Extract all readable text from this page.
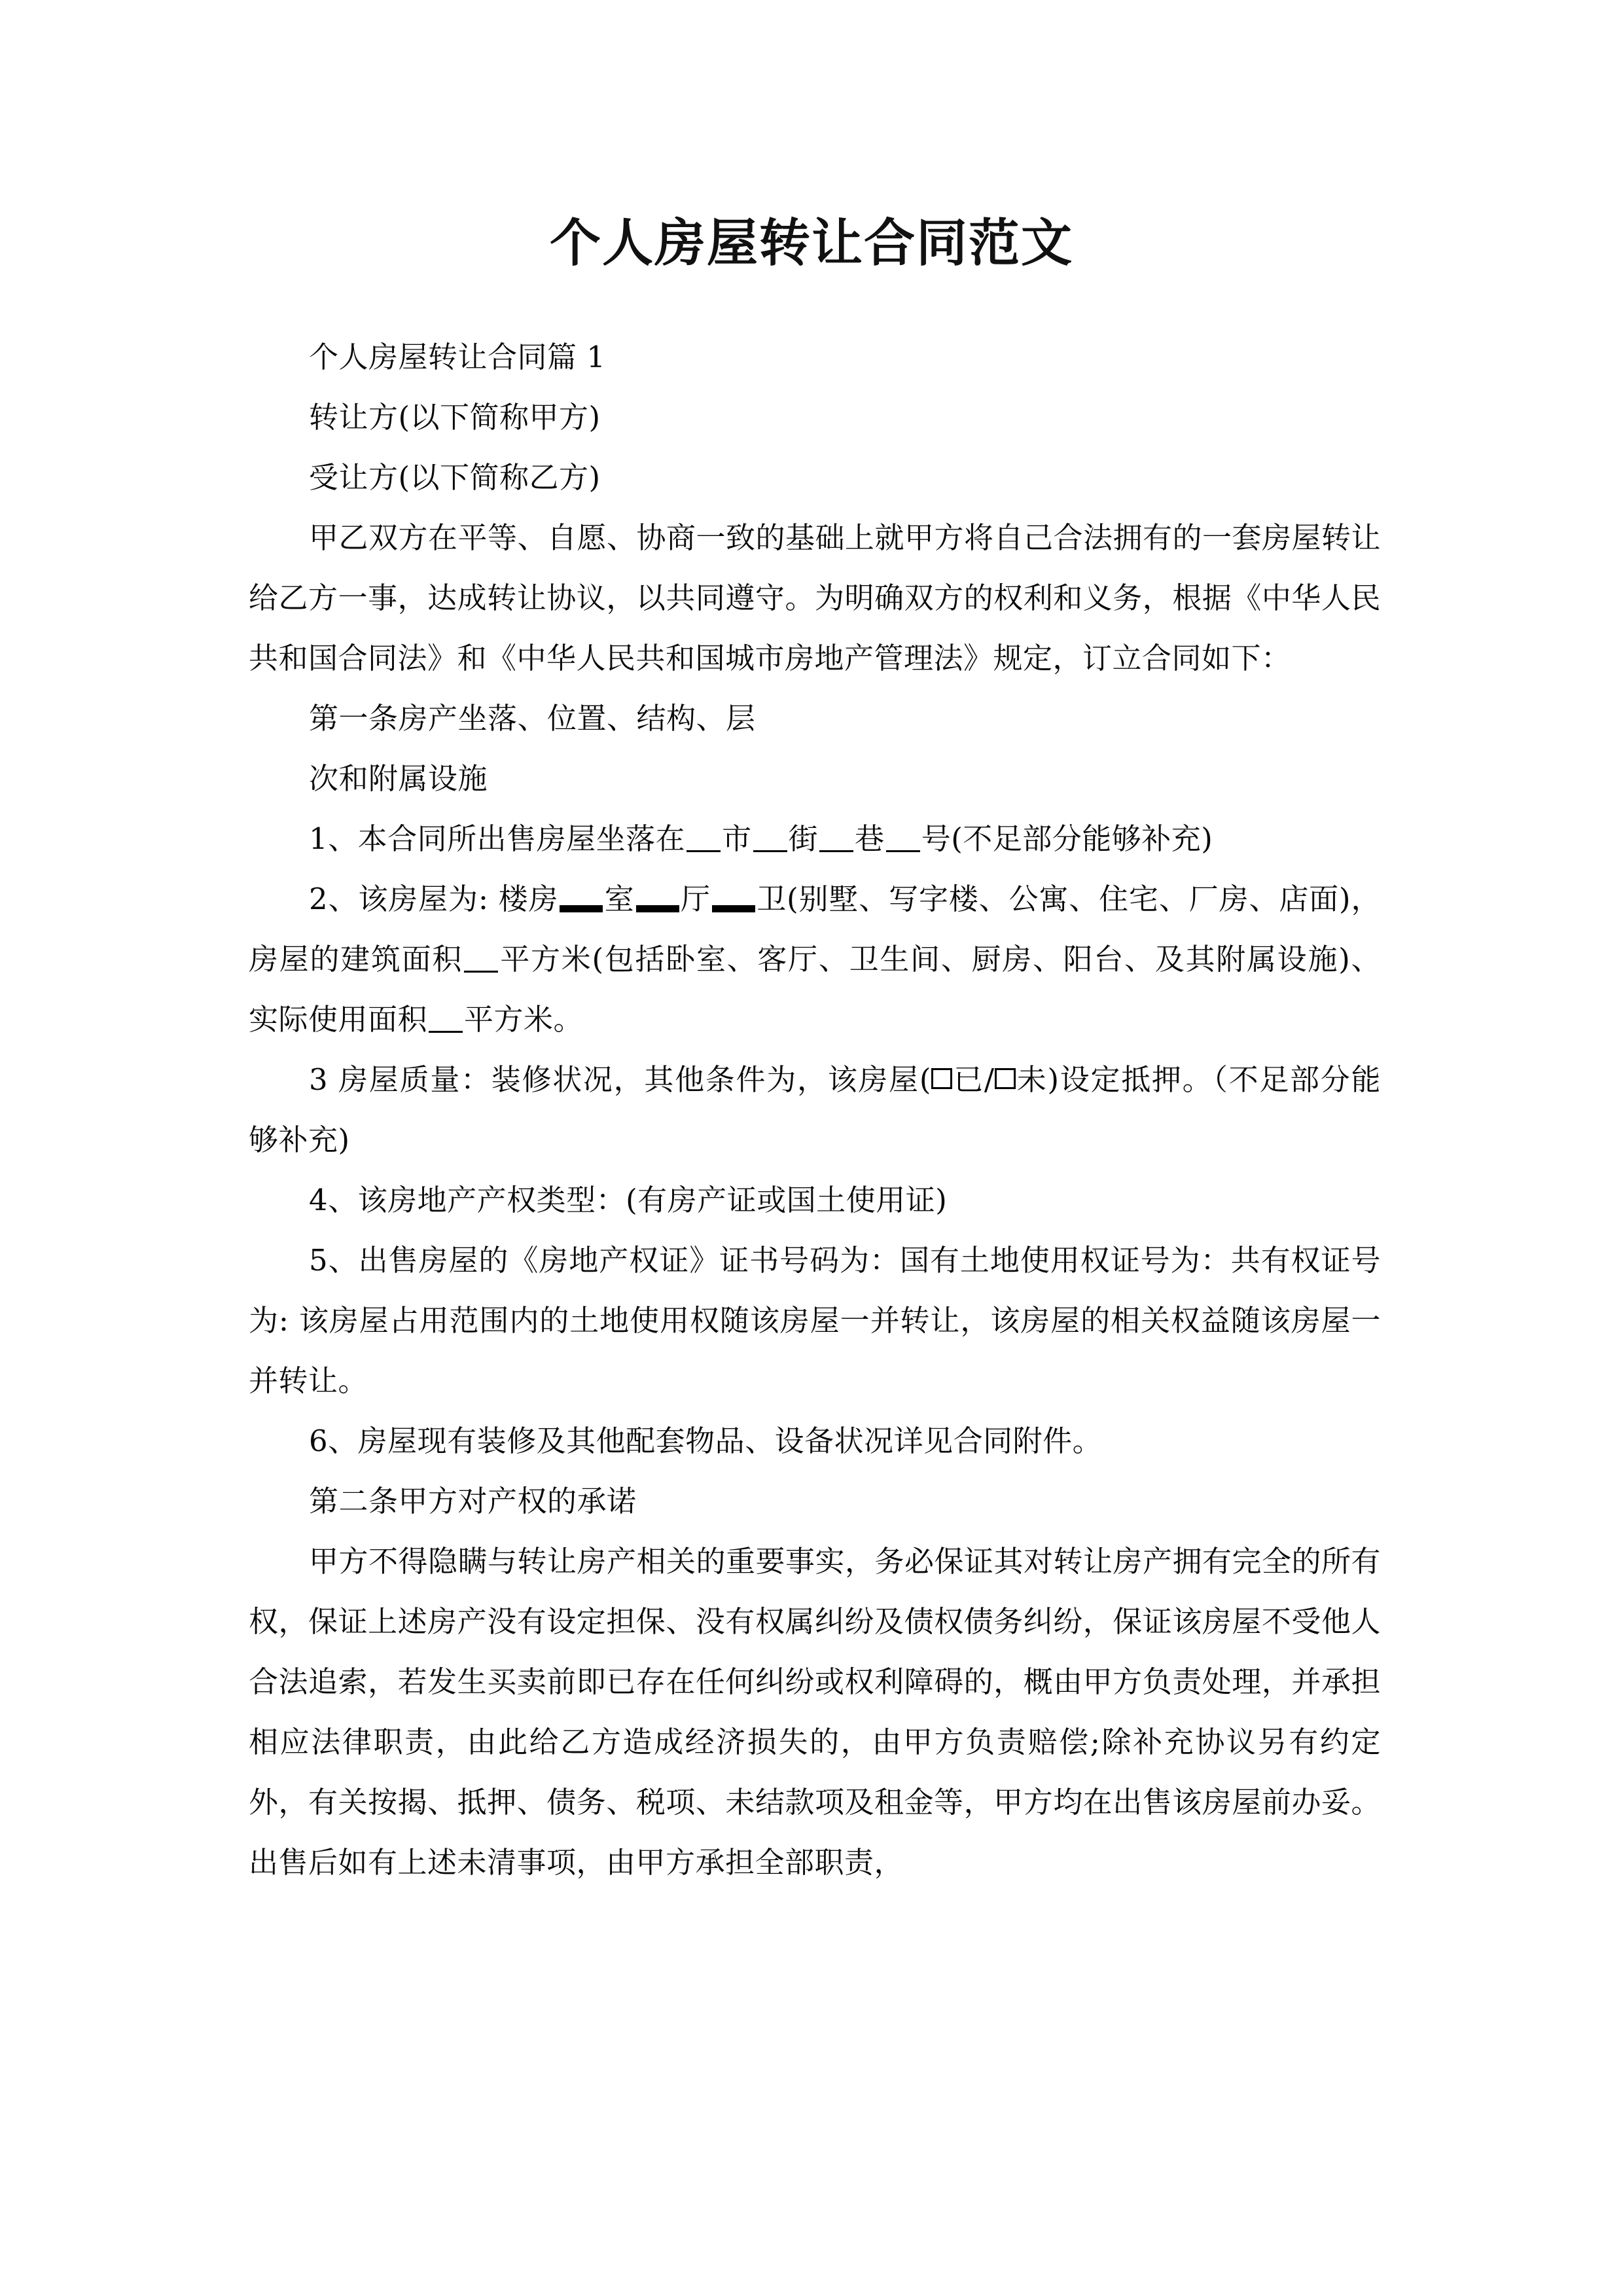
个人房屋转让合同范文

个人房屋转让合同篇 1

转让方(以下简称甲方)

受让方(以下简称乙方)

甲乙双方在平等、自愿、协商一致的基础上就甲方将自己合法拥有的一套房屋转让给乙方一事，达成转让协议，以共同遵守。为明确双方的权利和义务，根据《中华人民共和国合同法》和《中华人民共和国城市房地产管理法》规定，订立合同如下：

第一条房产坐落、位置、结构、层

次和附属设施

1、本合同所出售房屋坐落在 市 街 巷 号(不足部分能够补充)

2、该房屋为: 楼房 室 厅 卫(别墅、写字楼、公寓、住宅、厂房、店面)，房屋的建筑面积 平方米(包括卧室、客厅、卫生间、厨房、阳台、及其附属设施)、实际使用面积 平方米。

3 房屋质量：装修状况，其他条件为，该房屋( 已/ 未)设定抵押。（不足部分能够补充)

4、该房地产产权类型：(有房产证或国土使用证)

5、出售房屋的《房地产权证》证书号码为：国有土地使用权证号为：共有权证号为: 该房屋占用范围内的土地使用权随该房屋一并转让，该房屋的相关权益随该房屋一并转让。

6、房屋现有装修及其他配套物品、设备状况详见合同附件。

第二条甲方对产权的承诺

甲方不得隐瞒与转让房产相关的重要事实，务必保证其对转让房产拥有完全的所有权，保证上述房产没有设定担保、没有权属纠纷及债权债务纠纷，保证该房屋不受他人合法追索，若发生买卖前即已存在任何纠纷或权利障碍的，概由甲方负责处理，并承担相应法律职责，由此给乙方造成经济损失的，由甲方负责赔偿;除补充协议另有约定外，有关按揭、抵押、债务、税项、未结款项及租金等，甲方均在出售该房屋前办妥。出售后如有上述未清事项，由甲方承担全部职责，
